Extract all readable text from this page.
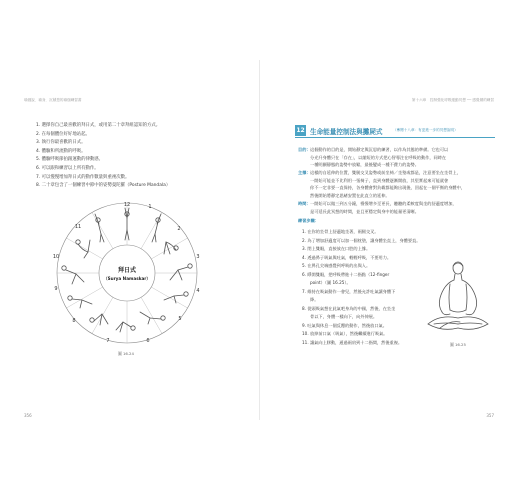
瑜伽說．瑜身．沉積您的瑜伽練習書
1. 選擇你自己最喜歡的拜日式，或用第二十章拜組認知的方式。
2. 在每個體位好好地站起。
3. 執行你最喜歡的日式。
4. 體驗和所流動的呼吸。
5. 體驗呼吸節拍跟運動的律動感。
6. 可以跟和練習以上所有動作。
7. 可以慢慢增加拜日式的動作數量與重複次數。
8. 二十章包含了一個練習中節中的姿勢曼陀羅（Posture Mandala）
12	1
2
3
4
5
6
7
8
9
10
11
拜日式
（Surya Namaskar）
圖 16.24
356
第十六章　控制強化呼吸運動冥想 ── 感覺層的練習
12 生命能量控制法與攤屍式	（參閱十八章：有更進一步的冥想說明）
目的： 這個動作的目的是，開始靜定與沉思的練習，以作為其態的準備。它也可以
分光升身體只在「存在」，以縮短的方式把心智專注在呼吸的動作，同時在
一種明顯靜態的姿勢中放鬆，最後變成一種不費力的姿勢。
主擇： 這樣的自延伸的位置，雙腿交叉姿勢或前坐椅／坐墊或都是，注意要坐在坐骨上，
一開始可能並不比利用一張椅子，直到身體逐漸開放，其堅實起來可能就會
你不一定非要一直保持，各身體會對負載都能夠出現後，回起在一個平衡的身體中，
然後開始將靜定思緒安置在此直立的延伸。
時間： 一開始可以做三到五分鐘，慢慢增多至更長，聽聽的柔軟度與坐的舒適度增加，
是可延長此冥想的時間，並且更穩定與身中的能量更清晰。
練習步驟：
1. 在你的坐骨上舒適地坐著，兩腿交叉。
2. 為了增加舒適度可以加一個枕墊，讓身體坐直上，身體要直。
3. 閉上雙眼，直接放在口腔的上緣。
4. 透過鼻子吸氣與吐氣，輕輕呼吸，不要用力。
5. 在鼻孔尖端感覺到呼吸的出與入。
6. 睜開雙眼，把呼吸帶進十二指點（12-finger
point）（圖 16.25）。
7. 維持在吸氣動作一會兒，然後允許吐氣讓身體下
降。
8. 從頭吸氣想在此氣吧身為的中國，然後，在坐坐
骨以下，身體一樣向下，向外伸展。
9. 吐氣與休息一個反覆的動作，然後放口氣。
10. 放掉前口氣（吸氣），然後繼續進行吸氣。
11. 讓氣向上移動，通過兩肩到十二指間，然後重複。	圖 16.25
357
